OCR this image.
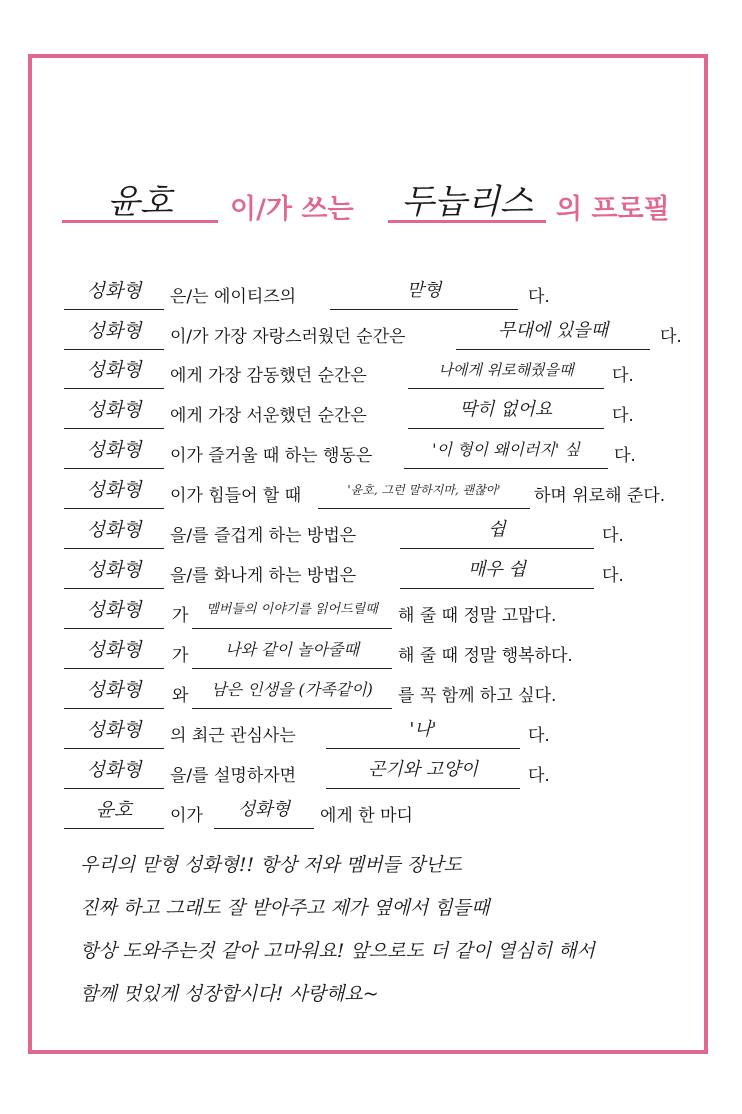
윤호	이/가 쓰는	두늡리스 의 프로필
성화형	은/는 에이티즈의	맏형	다.
성화형	이/가 가장 자랑스러웠던 순간은	무대에 있을때	다.
성화형	에게 가장 감동했던 순간은	나에게 위로해줬을때	다.
성화형	에게 가장 서운했던 순간은	딱히 없어요	다.
성화형	이가 즐거울 때 하는 행동은	'이 형이 왜이러지' 싶	다.
성화형	이가 힘들어 할 때	'윤호, 그런 말하지마, 괜찮아'	하며 위로해 준다.
성화형	을/를 즐겁게 하는 방법은	쉽	다.
성화형	을/를 화나게 하는 방법은	매우 쉽	다.
성화형	가	멤버들의 이야기를 읽어드릴때	해 줄 때 정말 고맙다.
성화형	가	나와 같이 놀아줄때	해 줄 때 정말 행복하다.
성화형	와	남은 인생을 (가족같이)	를 꼭 함께 하고 싶다.
성화형	의 최근 관심사는	'나'	다.
성화형	을/를 설명하자면	곤기와 고양이	다.
윤호	이가	성화형	에게 한 마디
우리의 맏형 성화형!! 항상 저와 멤버들 장난도
진짜 하고 그래도 잘 받아주고 제가 옆에서 힘들때
항상 도와주는것 같아 고마워요! 앞으로도 더 같이 열심히 해서
함께 멋있게 성장합시다! 사랑해요~
